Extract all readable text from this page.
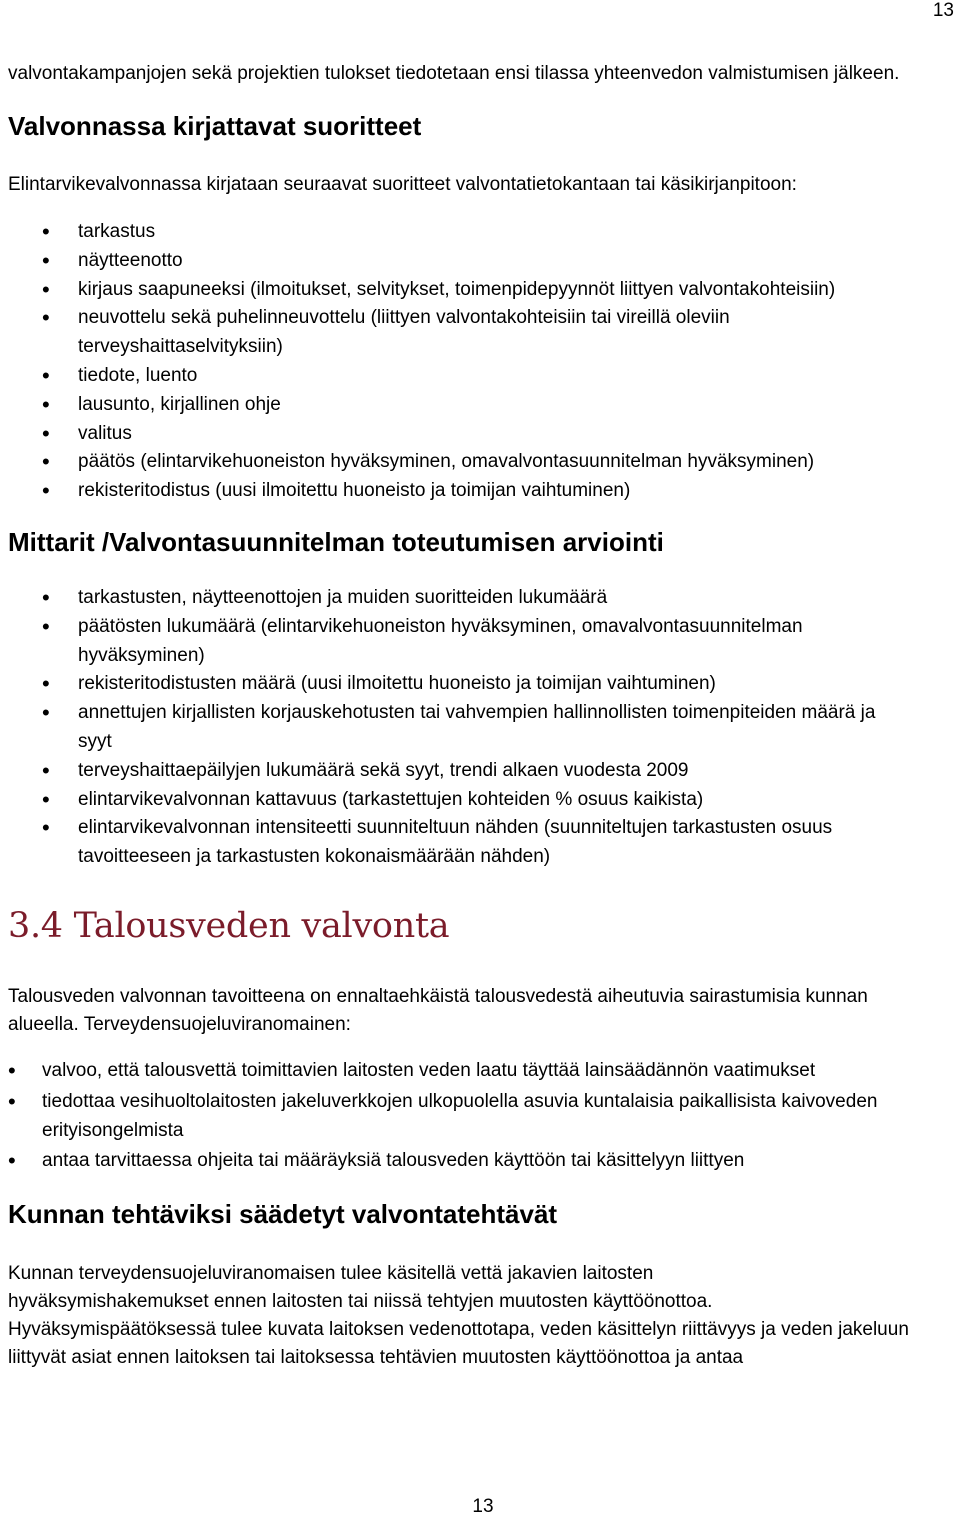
13

valvontakampanjojen sekä projektien tulokset tiedotetaan ensi tilassa yhteenvedon valmistumisen jälkeen.

Valvonnassa kirjattavat suoritteet

Elintarvikevalvonnassa kirjataan seuraavat suoritteet valvontatietokantaan tai käsikirjanpitoon:

• tarkastus
• näytteenotto
• kirjaus saapuneeksi (ilmoitukset, selvitykset, toimenpidepyynnöt liittyen valvontakohteisiin)
• neuvottelu sekä puhelinneuvottelu (liittyen valvontakohteisiin tai vireillä oleviin terveyshaittaselvityksiin)
• tiedote, luento
• lausunto, kirjallinen ohje
• valitus
• päätös (elintarvikehuoneiston hyväksyminen, omavalvontasuunnitelman hyväksyminen)
• rekisteritodistus (uusi ilmoitettu huoneisto ja toimijan vaihtuminen)
Mittarit /Valvontasuunnitelman toteutumisen arviointi
• tarkastusten, näytteenottojen ja muiden suoritteiden lukumäärä
• päätösten lukumäärä (elintarvikehuoneiston hyväksyminen, omavalvontasuunnitelman hyväksyminen)
• rekisteritodistusten määrä (uusi ilmoitettu huoneisto ja toimijan vaihtuminen)
• annettujen kirjallisten korjauskehotusten tai vahvempien hallinnollisten toimenpiteiden määrä ja syyt
• terveyshaittaepäilyjen lukumäärä sekä syyt, trendi alkaen vuodesta 2009
• elintarvikevalvonnan kattavuus (tarkastettujen kohteiden % osuus kaikista)
• elintarvikevalvonnan intensiteetti suunniteltuun nähden (suunniteltujen tarkastusten osuus tavoitteeseen ja tarkastusten kokonaismäärään nähden)
3.4 Talousveden valvonta

Talousveden valvonnan tavoitteena on ennaltaehkäistä talousvedestä aiheutuvia sairastumisia kunnan alueella. Terveydensuojeluviranomainen:

• valvoo, että talousvettä toimittavien laitosten veden laatu täyttää lainsäädännön vaatimukset
• tiedottaa vesihuoltolaitosten jakeluverkkojen ulkopuolella asuvia kuntalaisia paikallisista kaivoveden erityisongelmista
• antaa tarvittaessa ohjeita tai määräyksiä talousveden käyttöön tai käsittelyyn liittyen
Kunnan tehtäviksi säädetyt valvontatehtävät

Kunnan terveydensuojeluviranomaisen tulee käsitellä vettä jakavien laitosten hyväksymishakemukset ennen laitosten tai niissä tehtyjen muutosten käyttöönottoa.

Hyväksymispäätöksessä tulee kuvata laitoksen vedenottotapa, veden käsittelyn riittävyys ja veden jakeluun liittyvät asiat ennen laitoksen tai laitoksessa tehtävien muutosten käyttöönottoa ja antaa

13
